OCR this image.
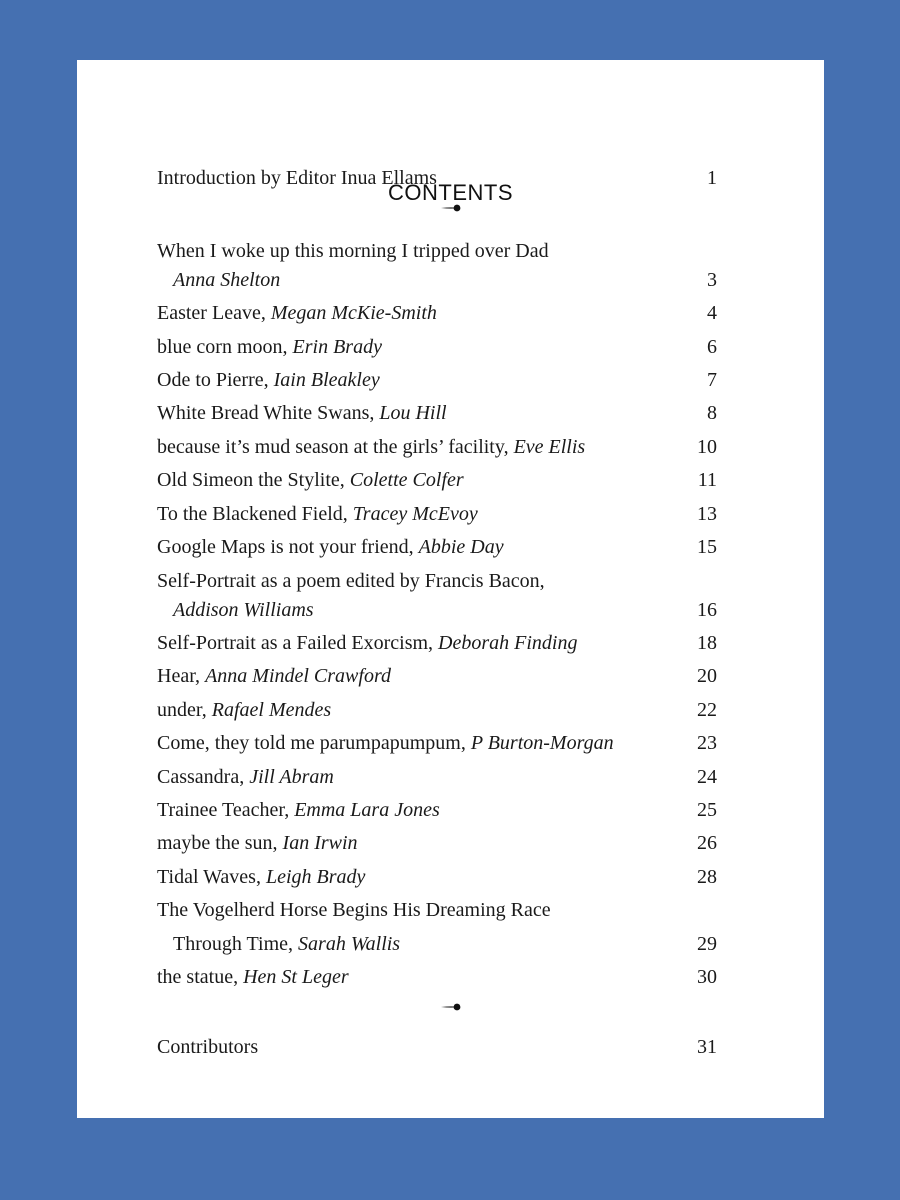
CONTENTS
Introduction by Editor Inua Ellams	1
When I woke up this morning I tripped over Dad
Anna Shelton	3
Easter Leave, Megan McKie-Smith	4
blue corn moon, Erin Brady	6
Ode to Pierre, Iain Bleakley	7
White Bread White Swans, Lou Hill	8
because it’s mud season at the girls’ facility, Eve Ellis	10
Old Simeon the Stylite, Colette Colfer	11
To the Blackened Field, Tracey McEvoy	13
Google Maps is not your friend, Abbie Day	15
Self-Portrait as a poem edited by Francis Bacon,
Addison Williams	16
Self-Portrait as a Failed Exorcism, Deborah Finding	18
Hear, Anna Mindel Crawford	20
under, Rafael Mendes	22
Come, they told me parumpapumpum, P Burton-Morgan	23
Cassandra, Jill Abram	24
Trainee Teacher, Emma Lara Jones	25
maybe the sun, Ian Irwin	26
Tidal Waves, Leigh Brady	28
The Vogelherd Horse Begins His Dreaming Race
Through Time, Sarah Wallis	29
the statue, Hen St Leger	30
Contributors	31
